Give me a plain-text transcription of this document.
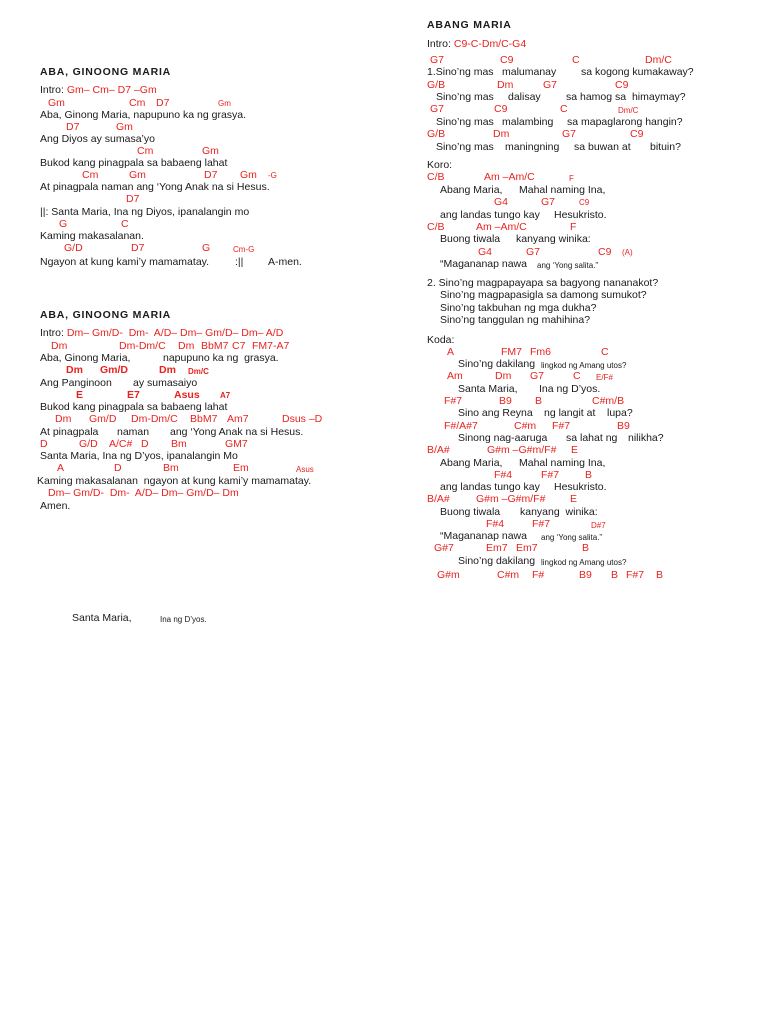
ABA, GINOONG MARIA
Intro: Gm– Cm– D7 –Gm
Gm	Cm D7	Gm
Aba, Ginong Maria, napupuno ka ng grasya.
D7	Gm
Ang Diyos ay sumasa’yo
Cm	Gm
Bukod kang pinagpala sa babaeng lahat
Cm	Gm	D7 Gm -G
At pinagpala naman ang ‘Yong Anak na si Hesus.
D7
||: Santa Maria, Ina ng Diyos, ipanalangin mo
G	C
Kaming makasalanan.
G/D	D7	G	Cm-G
Ngayon at kung kami’y mamamatay. :|| A-men.
ABA, GINOONG MARIA
Intro: Dm– Gm/D-  Dm-  A/D– Dm– Gm/D– Dm– A/D
Dm	Dm-Dm/C Dm BbM7 C7 FM7-A7
Aba, Ginong Maria,	napupuno ka ng  grasya.
Dm Gm/D	Dm Dm/C
Ang Panginoon ay sumasaiyo
E	E7	Asus	A7
Bukod kang pinagpala sa babaeng lahat
Dm Gm/D Dm-Dm/C BbM7 Am7	Dsus –D
At pinagpala naman ang ‘Yong Anak na si Hesus.
D	G/D A/C# D Bm	GM7
Santa Maria, Ina ng D’yos, ipanalangin Mo
A	D	Bm	Em	Asus
Kaming makasalanan  ngayon at kung kami’y mamamatay.
Dm– Gm/D-  Dm-  A/D– Dm– Gm/D– Dm
Amen.
Santa Maria,	Ina ng D’yos.
ABANG MARIA
Intro: C9-C-Dm/C-G4
G7	C9	C	Dm/C
1.Sino’ng mas malumanay sa kogong kumakaway?
G/B	Dm	G7	C9
Sino’ng mas dalisay sa hamog sa  himaymay?
G7	C9	C	Dm/C
Sino’ng mas malambing sa mapaglarong hangin?
G/B	Dm	G7	C9
Sino’ng mas maningning sa buwan at bituin?
Koro:
C/B	Am –Am/C	F
Abang Maria, Mahal naming Ina,
G4	G7	C9
ang landas tungo kay Hesukristo.
C/B	Am –Am/C	F
Buong tiwala kanyang winika:
G4	G7	C9 (A)
“Magananap nawa ang ‘Yong salita.”
2. Sino’ng magpapayapa sa bagyong nananakot?
Sino’ng magpapasigla sa damong sumukot?
Sino’ng takbuhan ng mga dukha?
Sino’ng tanggulan ng mahihina?
Koda:
A	FM7 Fm6	C
Sino’ng dakilang lingkod ng Amang utos?
Am	Dm G7	C E/F#
Santa Maria, Ina ng D’yos.
F#7	B9 B	C#m/B
Sino ang Reyna ng langit at lupa?
F#/A#7	C#m F#7	B9
Sinong nag-aaruga sa lahat ng nilikha?
B/A#	G#m –G#m/F# E
Abang Maria, Mahal naming Ina,
F#4	F#7 B
ang landas tungo kay Hesukristo.
B/A# G#m –G#m/F# E
Buong tiwala kanyang  winika:
F#4	F#7	D#7
“Magananap nawa ang ‘Yong salita.”
G#7	Em7 Em7	B
Sino’ng dakilang lingkod ng Amang utos?
G#m	C#m F#	B9 B F#7 B
